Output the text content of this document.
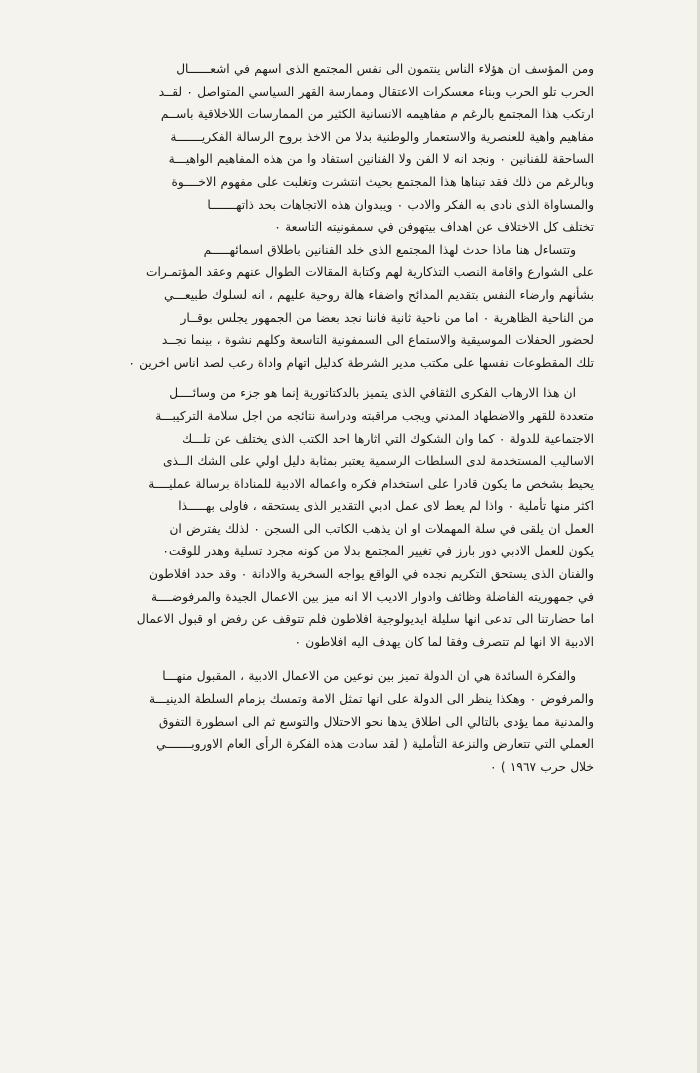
ومن المؤسف ان هؤلاء الناس ينتمون الى نفس المجتمع الذى اسهم في اشعــــــال
الحرب تلو الحرب وبناء معسكرات الاعتقال وممارسة القهر السياسي المتواصل ٠ لقــد
ارتكب هذا المجتمع بالرغم م مفاهيمه الانسانية الكثير من الممارسات اللاخلاقية باســم
مفاهيم واهية للعنصرية والاستعمار والوطنية بدلا من الاخذ بروح الرسالة الفكريـــــــة
الساحقة للفنانين ٠ ونجد انه لا الفن ولا الفنانين استفاد وا من هذه المفاهيم الواهيـــة
وبالرغم من ذلك فقد تبناها هذا المجتمع بحيث انتشرت وتغلبت على مفهوم الاخــــوة
والمساواة الذى نادى به الفكر والادب ٠ ويبدوان هذه الاتجاهات بحد ذاتهـــــــا
تختلف كل الاختلاف عن اهداف بيتهوفن في سمفونيته التاسعة ٠
وتتساءل هنا ماذا حدث لهذا المجتمع الذى خلد الفنانين باطلاق اسمائهـــــم
على الشوارع واقامة النصب التذكارية لهم وكتابة المقالات الطوال عنهم وعقد المؤتمـرات
بشأنهم وارضاء النفس بتقديم المدائح واضفاء هالة روحية عليهم ، انه لسلوك طبيعـــي
من الناحية الظاهرية ٠ اما من ناحية ثانية فاننا نجد بعضا من الجمهور يجلس بوقــار
لحضور الحفلات الموسيقية والاستماع الى السمفونية التاسعة وكلهم نشوة ، بينما نجــد
تلك المقطوعات نفسها على مكتب مدير الشرطة كدليل اتهام واداة رعب لصد اناس اخرين ٠
ان هذا الارهاب الفكرى الثقافي الذى يتميز بالدكتاتورية إنما هو جزء من وسائــــل
متعددة للقهر والاضطهاد المدني ويجب مراقبته ودراسة نتائجه من اجل سلامة التركيبـــة
الاجتماعية للدولة ٠ كما وان الشكوك التي اثارها احد الكتب الذى يختلف عن تلـــك
الاساليب المستخدمة لدى السلطات الرسمية يعتبر بمثابة دليل اولي على الشك الــذى
يحيط بشخص ما يكون قادرا على استخدام فكره واعماله الادبية للمناداة برسالة عمليــــة
اكثر منها تأملية ٠ واذا لم يعط لاى عمل ادبي التقدير الذى يستحقه ، فاولى بهـــــذا
العمل ان يلقى في سلة المهملات او ان يذهب الكاتب الى السجن ٠ لذلك يفترض ان
يكون للعمل الادبي دور بارز في تغيير المجتمع بدلا من كونه مجرد تسلية وهدر للوقت٠
والفنان الذى يستحق التكريم نجده في الواقع يواجه السخرية والادانة ٠ وقد حدد افلاطون
في جمهوريته الفاضلة وظائف وادوار الاديب الا انه ميز بين الاعمال الجيدة والمرفوضــــة
اما حضارتنا الى تدعى انها سليلة ايديولوجية افلاطون فلم تتوقف عن رفض او قبول الاعمال
الادبية الا انها لم تتصرف وفقا لما كان يهدف اليه افلاطون ٠
والفكرة السائدة هي ان الدولة تميز بين نوعين من الاعمال الادبية ، المقبول منهـــا
والمرفوض ٠ وهكذا ينظر الى الدولة على انها تمثل الامة وتمسك بزمام السلطة الدينيـــة
والمدنية مما يؤدى بالتالي الى اطلاق يدها نحو الاحتلال والتوسع ثم الى اسطورة التفوق
العملي التي تتعارض والنزعة التأملية ( لقد سادت هذه الفكرة الرأى العام الاوروبـــــــي
خلال حرب ١٩٦٧ ) ٠
